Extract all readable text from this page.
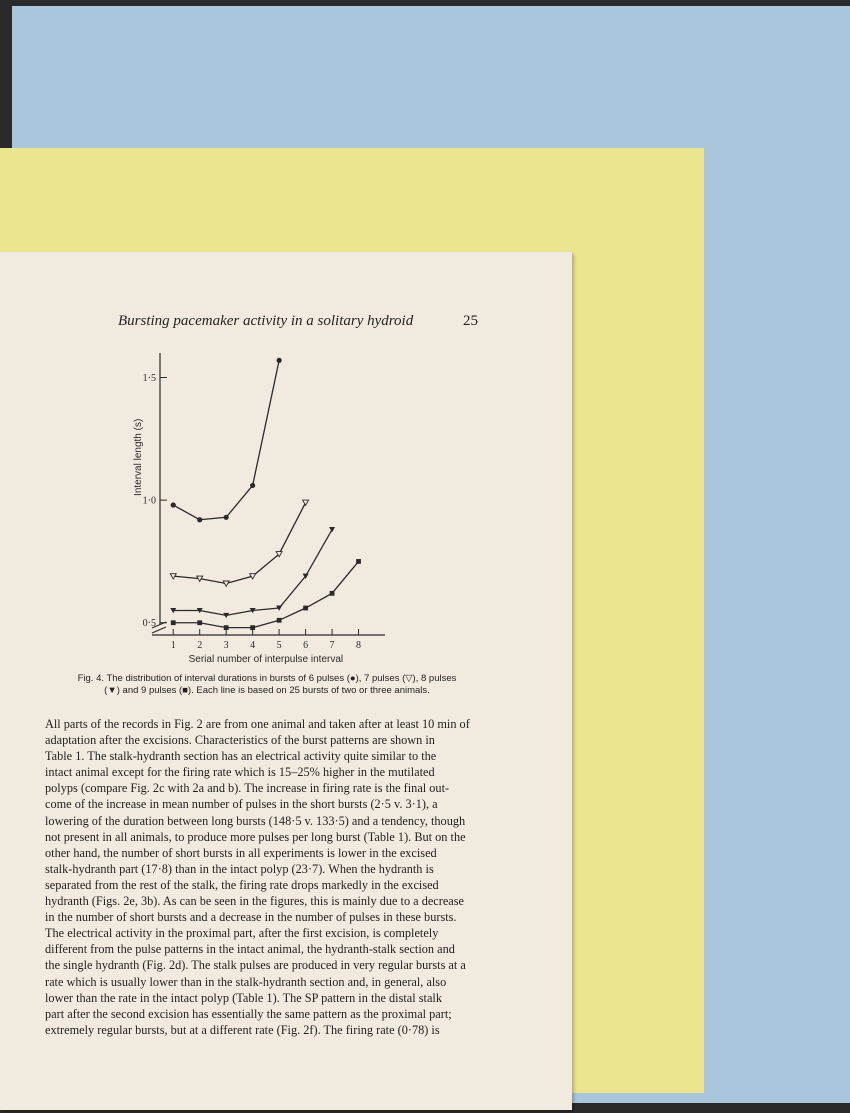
Bursting pacemaker activity in a solitary hydroid	25
0·5
1·0
1·5
1 2 3 4 5 6 7 8
Serial number of interpulse interval
Interval length (s)
Fig. 4. The distribution of interval durations in bursts of 6 pulses (●), 7 pulses (▽), 8 pulses
(▼) and 9 pulses (■). Each line is based on 25 bursts of two or three animals.
All parts of the records in Fig. 2 are from one animal and taken after at least 10 min of
adaptation after the excisions. Characteristics of the burst patterns are shown in
Table 1. The stalk-hydranth section has an electrical activity quite similar to the
intact animal except for the firing rate which is 15–25% higher in the mutilated
polyps (compare Fig. 2c with 2a and b). The increase in firing rate is the final out-
come of the increase in mean number of pulses in the short bursts (2·5 v. 3·1), a
lowering of the duration between long bursts (148·5 v. 133·5) and a tendency, though
not present in all animals, to produce more pulses per long burst (Table 1). But on the
other hand, the number of short bursts in all experiments is lower in the excised
stalk-hydranth part (17·8) than in the intact polyp (23·7). When the hydranth is
separated from the rest of the stalk, the firing rate drops markedly in the excised
hydranth (Figs. 2e, 3b). As can be seen in the figures, this is mainly due to a decrease
in the number of short bursts and a decrease in the number of pulses in these bursts.
The electrical activity in the proximal part, after the first excision, is completely
different from the pulse patterns in the intact animal, the hydranth-stalk section and
the single hydranth (Fig. 2d). The stalk pulses are produced in very regular bursts at a
rate which is usually lower than in the stalk-hydranth section and, in general, also
lower than the rate in the intact polyp (Table 1). The SP pattern in the distal stalk
part after the second excision has essentially the same pattern as the proximal part;
extremely regular bursts, but at a different rate (Fig. 2f). The firing rate (0·78) is
